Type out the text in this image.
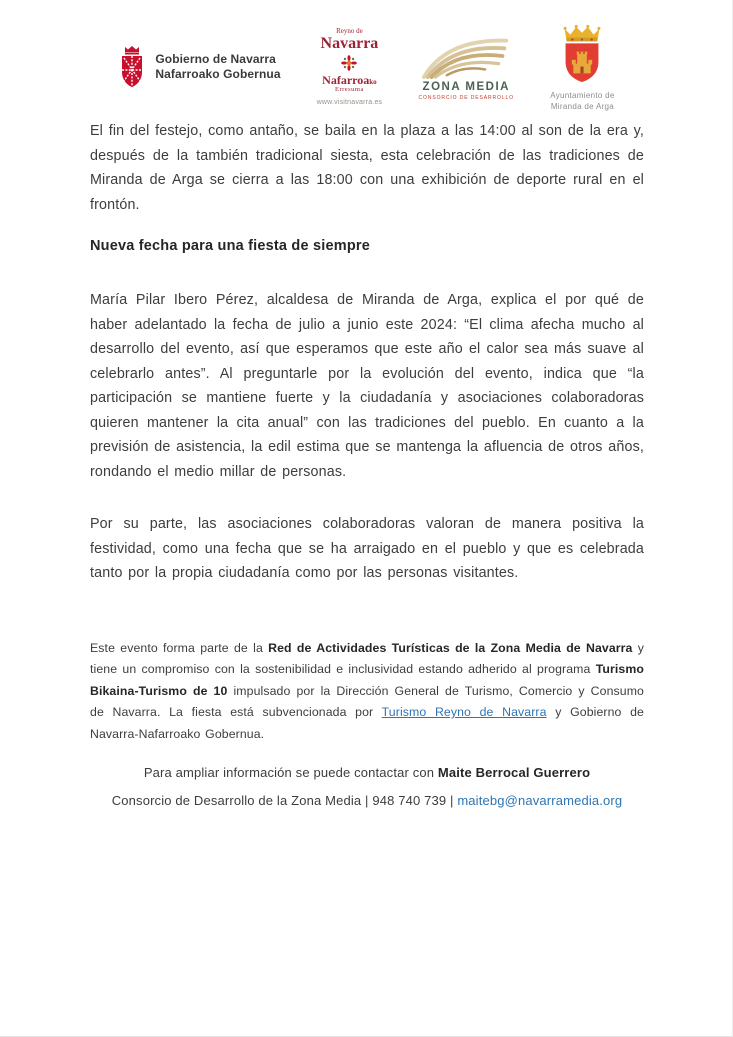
Gobierno de Navarra
Nafarroako Gobernua
Reyno de
Navarra
Nafarroako
Erresuma
www.visitnavarra.es
ZONA MEDIA
CONSORCIO DE DESARROLLO	Ayuntamiento de
Miranda de Arga

El fin del festejo, como antaño, se baila en la plaza a las 14:00 al son de la era y, después de la también tradicional siesta, esta celebración de las tradiciones de Miranda de Arga se cierra a las 18:00 con una exhibición de deporte rural en el frontón.

Nueva fecha para una fiesta de siempre

María Pilar Ibero Pérez, alcaldesa de Miranda de Arga, explica el por qué de haber adelantado la fecha de julio a junio este 2024: “El clima afecha mucho al desarrollo del evento, así que esperamos que este año el calor sea más suave al celebrarlo antes”. Al preguntarle por la evolución del evento, indica que “la participación se mantiene fuerte y la ciudadanía y asociaciones colaboradoras quieren mantener la cita anual” con las tradiciones del pueblo. En cuanto a la previsión de asistencia, la edil estima que se mantenga la afluencia de otros años, rondando el medio millar de personas.

Por su parte, las asociaciones colaboradoras valoran de manera positiva la festividad, como una fecha que se ha arraigado en el pueblo y que es celebrada tanto por la propia ciudadanía como por las personas visitantes.

Este evento forma parte de la Red de Actividades Turísticas de la Zona Media de Navarra y tiene un compromiso con la sostenibilidad e inclusividad estando adherido al programa Turismo Bikaina-Turismo de 10 impulsado por la Dirección General de Turismo, Comercio y Consumo de Navarra. La fiesta está subvencionada por Turismo Reyno de Navarra y Gobierno de Navarra-Nafarroako Gobernua.

Para ampliar información se puede contactar con Maite Berrocal Guerrero

Consorcio de Desarrollo de la Zona Media | 948 740 739 | maitebg@navarramedia.org
